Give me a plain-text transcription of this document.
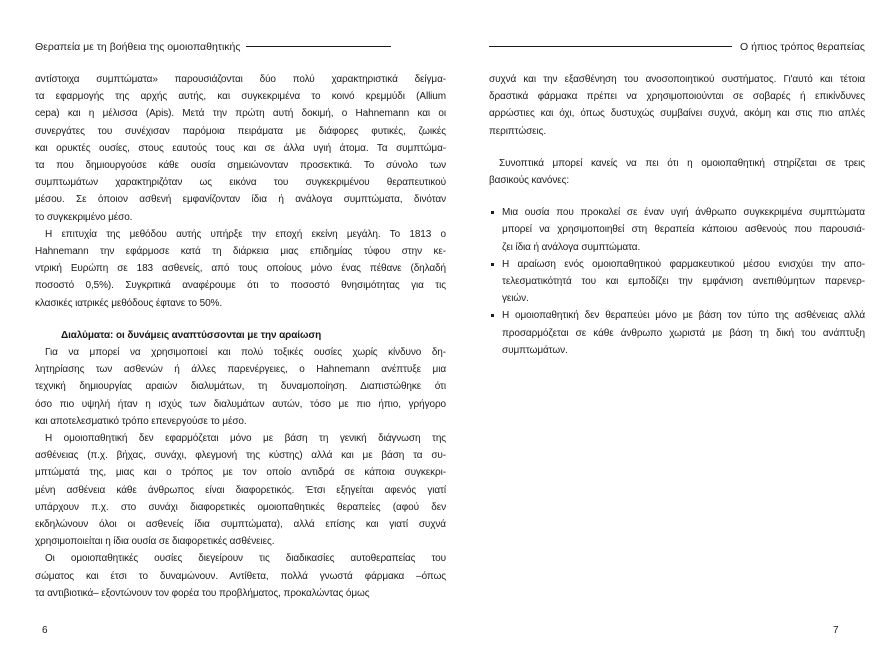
Θεραπεία με τη βοήθεια της ομοιοπαθητικής
αντίστοιχα συμπτώματα» παρουσιάζονται δύο πολύ χαρακτηριστικά δείγμα-
τα εφαρμογής της αρχής αυτής, και συγκεκριμένα το κοινό κρεμμύδι (Allium
cepa) και η μέλισσα (Apis). Μετά την πρώτη αυτή δοκιμή, ο Hahnemann και οι
συνεργάτες του συνέχισαν παρόμοια πειράματα με διάφορες φυτικές, ζωικές
και ορυκτές ουσίες, στους εαυτούς τους και σε άλλα υγιή άτομα. Τα συμπτώμα-
τα που δημιουργούσε κάθε ουσία σημειώνονταν προσεκτικά. Το σύνολο των
συμπτωμάτων χαρακτηριζόταν ως εικόνα του συγκεκριμένου θεραπευτικού
μέσου. Σε όποιον ασθενή εμφανίζονταν ίδια ή ανάλογα συμπτώματα, δινόταν
το συγκεκριμένο μέσο.
Η επιτυχία της μεθόδου αυτής υπήρξε την εποχή εκείνη μεγάλη. Το 1813 ο
Hahnemann την εφάρμοσε κατά τη διάρκεια μιας επιδημίας τύφου στην κε-
ντρική Ευρώπη σε 183 ασθενείς, από τους οποίους μόνο ένας πέθανε (δηλαδή
ποσοστό 0,5%). Συγκριτικά αναφέρουμε ότι το ποσοστό θνησιμότητας για τις
κλασικές ιατρικές μεθόδους έφτανε το 50%.
Διαλύματα: οι δυνάμεις αναπτύσσονται με την αραίωση
Για να μπορεί να χρησιμοποιεί και πολύ τοξικές ουσίες χωρίς κίνδυνο δη-
λητηρίασης των ασθενών ή άλλες παρενέργειες, ο Hahnemann ανέπτυξε μια
τεχνική δημιουργίας αραιών διαλυμάτων, τη δυναμοποίηση. Διαπιστώθηκε ότι
όσο πιο υψηλή ήταν η ισχύς των διαλυμάτων αυτών, τόσο με πιο ήπιο, γρήγορο
και αποτελεσματικό τρόπο επενεργούσε το μέσο.
Η ομοιοπαθητική δεν εφαρμόζεται μόνο με βάση τη γενική διάγνωση της
ασθένειας (π.χ. βήχας, συνάχι, φλεγμονή της κύστης) αλλά και με βάση τα συ-
μπτώματά της, μιας και ο τρόπος με τον οποίο αντιδρά σε κάποια συγκεκρι-
μένη ασθένεια κάθε άνθρωπος είναι διαφορετικός. Έτσι εξηγείται αφενός γιατί
υπάρχουν π.χ. στο συνάχι διαφορετικές ομοιοπαθητικές θεραπείες (αφού δεν
εκδηλώνουν όλοι οι ασθενείς ίδια συμπτώματα), αλλά επίσης και γιατί συχνά
χρησιμοποιείται η ίδια ουσία σε διαφορετικές ασθένειες.
Οι ομοιοπαθητικές ουσίες διεγείρουν τις διαδικασίες αυτοθεραπείας του
σώματος και έτσι το δυναμώνουν. Αντίθετα, πολλά γνωστά φάρμακα –όπως
τα αντιβιοτικά– εξοντώνουν τον φορέα του προβλήματος, προκαλώντας όμως
Ο ήπιος τρόπος θεραπείας
συχνά και την εξασθένηση του ανοσοποιητικού συστήματος. Γι'αυτό και τέτοια
δραστικά φάρμακα πρέπει να χρησιμοποιούνται σε σοβαρές ή επικίνδυνες
αρρώστιες και όχι, όπως δυστυχώς συμβαίνει συχνά, ακόμη και στις πιο απλές
περιπτώσεις.
Συνοπτικά μπορεί κανείς να πει ότι η ομοιοπαθητική στηρίζεται σε τρεις
βασικούς κανόνες:
Μια ουσία που προκαλεί σε έναν υγιή άνθρωπο συγκεκριμένα συμπτώματα
μπορεί να χρησιμοποιηθεί στη θεραπεία κάποιου ασθενούς που παρουσιά-
ζει ίδια ή ανάλογα συμπτώματα.
Η αραίωση ενός ομοιοπαθητικού φαρμακευτικού μέσου ενισχύει την απο-
τελεσματικότητά του και εμποδίζει την εμφάνιση ανεπιθύμητων παρενερ-
γειών.
Η ομοιοπαθητική δεν θεραπεύει μόνο με βάση τον τύπο της ασθένειας αλλά
προσαρμόζεται σε κάθε άνθρωπο χωριστά με βάση τη δική του ανάπτυξη
συμπτωμάτων.
6	7
